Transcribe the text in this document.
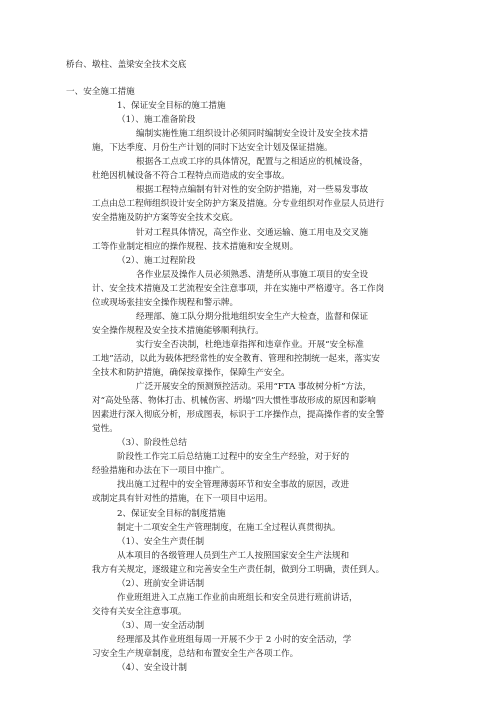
桥台、墩柱、盖梁安全技术交底
一、安全施工措施
1、保证安全目标的施工措施
（1）、施工准备阶段
编制实施性施工组织设计必须同时编制安全设计及安全技术措
施，下达季度、月份生产计划的同时下达安全计划及保证措施。
根据各工点或工序的具体情况，配置与之相适应的机械设备，
杜绝因机械设备不符合工程特点而造成的安全事故。
根据工程特点编制有针对性的安全防护措施，对一些易发事故
工点由总工程师组织设计安全防护方案及措施。分专业组织对作业层人员进行
安全措施及防护方案等安全技术交底。
针对工程具体情况，高空作业、交通运输、施工用电及交叉施
工等作业制定相应的操作规程、技术措施和安全规则。
（2）、施工过程阶段
各作业层及操作人员必须熟悉、清楚所从事施工项目的安全设
计、安全技术措施及工艺流程安全注意事项，并在实施中严格遵守。各工作岗
位或现场张挂安全操作规程和警示牌。
经理部、施工队分期分批地组织安全生产大检查，监督和保证
安全操作规程及安全技术措施能够顺利执行。
实行安全否决制，杜绝违章指挥和违章作业。开展“安全标准
工地”活动，以此为载体把经常性的安全教育、管理和控制统一起来，落实安
全技术和防护措施，确保按章操作，保障生产安全。
广泛开展安全的预测预控活动。采用“FTA 事故树分析”方法，
对“高处坠落、物体打击、机械伤害、坍塌”四大惯性事故形成的原因和影响
因素进行深入彻底分析，形成图表，标识于工序操作点，提高操作者的安全警
觉性。
（3）、阶段性总结
阶段性工作完工后总结施工过程中的安全生产经验，对于好的
经验措施和办法在下一项目中推广。
找出施工过程中的安全管理薄弱环节和安全事故的原因，改进
或制定具有针对性的措施，在下一项目中运用。
2、保证安全目标的制度措施
制定十二项安全生产管理制度，在施工全过程认真贯彻执。
（1）、安全生产责任制
从本项目的各级管理人员到生产工人按照国家安全生产法规和
我方有关规定，逐级建立和完善安全生产责任制，做到分工明确，责任到人。
（2）、班前安全讲话制
作业班组进入工点施工作业前由班组长和安全员进行班前讲话，
交待有关安全注意事项。
（3）、周一安全活动制
经理部及其作业班组每周一开展不少于 2 小时的安全活动，学
习安全生产规章制度，总结和布置安全生产各项工作。
（4）、安全设计制
